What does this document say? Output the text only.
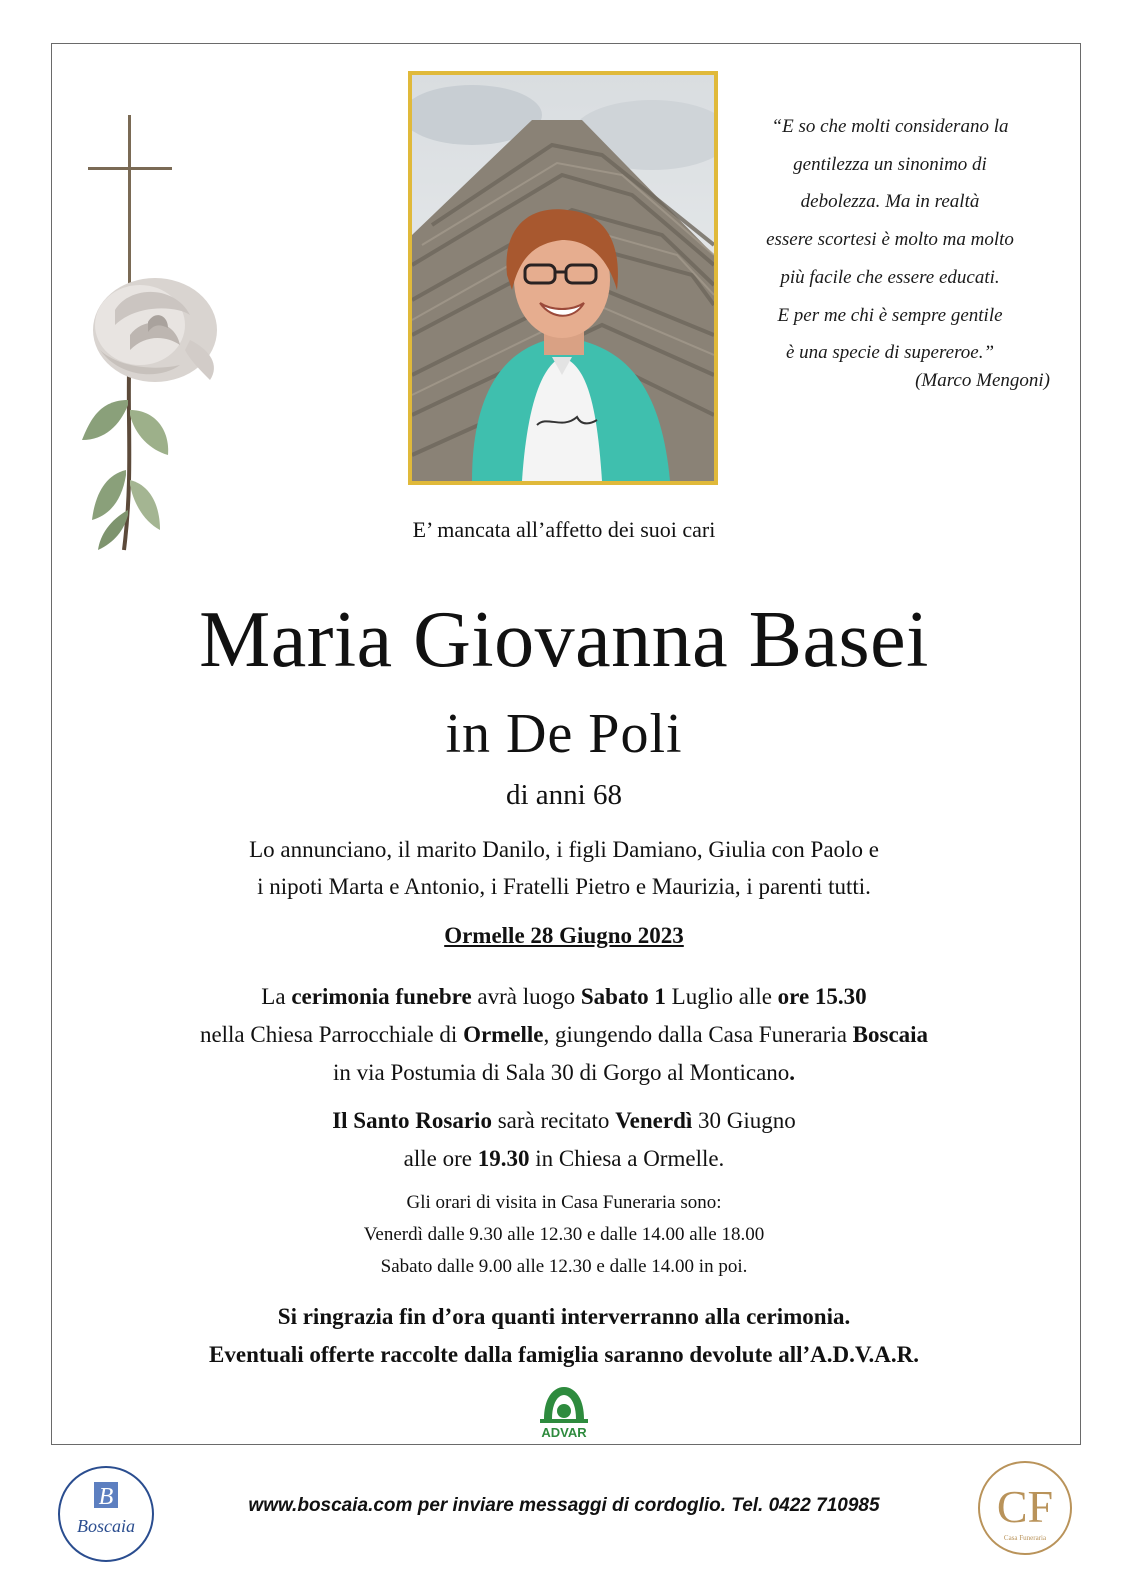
“E so che molti considerano la
gentilezza un sinonimo di
debolezza. Ma in realtà
essere scortesi è molto ma molto
più facile che essere educati.
E per me chi è sempre gentile
è una specie di supereroe.”
(Marco Mengoni)
E’ mancata all’affetto dei suoi cari
Maria Giovanna Basei
in De Poli
di anni 68
Lo annunciano, il marito Danilo, i figli Damiano, Giulia con Paolo e
i nipoti Marta e Antonio, i Fratelli Pietro e Maurizia, i parenti tutti.
Ormelle 28 Giugno 2023
La cerimonia funebre avrà luogo Sabato 1 Luglio alle ore 15.30
nella Chiesa Parrocchiale di Ormelle, giungendo dalla Casa Funeraria Boscaia
in via Postumia di Sala 30 di Gorgo al Monticano.
Il Santo Rosario sarà recitato Venerdì 30 Giugno
alle ore 19.30 in Chiesa a Ormelle.
Gli orari di visita in Casa Funeraria sono:
Venerdì dalle 9.30 alle 12.30 e dalle 14.00 alle 18.00
Sabato dalle 9.00 alle 12.30 e dalle 14.00 in poi.
Si ringrazia fin d’ora quanti interverranno alla cerimonia.
Eventuali offerte raccolte dalla famiglia saranno devolute all’A.D.V.A.R.
ADVAR
B
Boscaia
www.boscaia.com per inviare messaggi di cordoglio. Tel. 0422 710985	CF
Casa Funeraria
